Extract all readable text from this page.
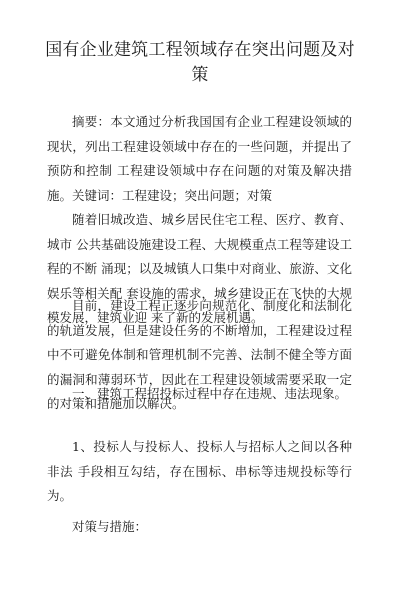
国有企业建筑工程领域存在突出问题及对策

摘要：本文通过分析我国国有企业工程建设领域的现状，列出工程建设领域中存在的一些问题，并提出了预防和控制 工程建设领域中存在问题的对策及解决措施。 关键词：工程建设；突出问题；对策

随着旧城改造、城乡居民住宅工程、医疗、教育、城市 公共基础设施建设工程、大规模重点工程等建设工程的不断 涌现；以及城镇人口集中对商业、旅游、文化娱乐等相关配 套设施的需求，城乡建设正在飞快的大规模发展，建筑业迎 来了新的发展机遇。

目前，建设工程正逐步向规范化、制度化和法制化的轨道发展，但是建设任务的不断增加，工程建设过程中不可避免体制和管理机制不完善、法制不健全等方面的漏洞和薄弱环节，因此在工程建设领域需要采取一定的对策和措施加以解决。

一、建筑工程招投标过程中存在违规、违法现象。

1、投标人与投标人、投标人与招标人之间以各种非法 手段相互勾结，存在围标、串标等违规投标等行为。

对策与措施：
